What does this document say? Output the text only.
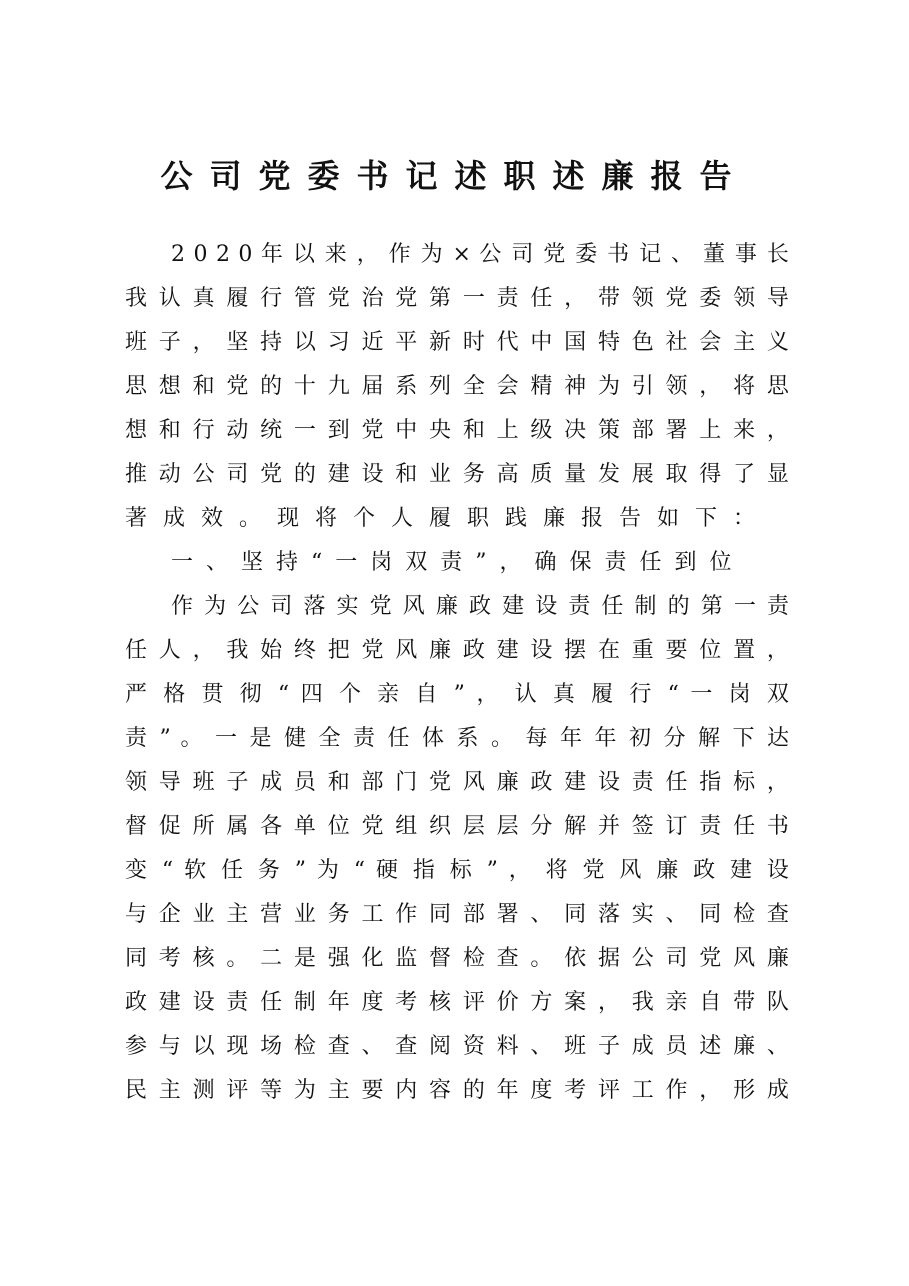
公司党委书记述职述廉报告
2 0 2 0 年 以 来 ， 作 为 × 公 司 党 委 书 记 、 董 事 长
我 认 真 履 行 管 党 治 党 第 一 责 任 ， 带 领 党 委 领 导
班 子 ， 坚 持 以 习 近 平 新 时 代 中 国 特 色 社 会 主 义
思 想 和 党 的 十 九 届 系 列 全 会 精 神 为 引 领 ， 将 思
想 和 行 动 统 一 到 党 中 央 和 上 级 决 策 部 署 上 来 ，
推 动 公 司 党 的 建 设 和 业 务 高 质 量 发 展 取 得 了 显
著成效。现将个人履职践廉报告如下：
一、坚持“一岗双责”，确保责任到位
作 为 公 司 落 实 党 风 廉 政 建 设 责 任 制 的 第 一 责
任 人 ， 我 始 终 把 党 风 廉 政 建 设 摆 在 重 要 位 置 ，
严 格 贯 彻 “ 四 个 亲 自 ” ， 认 真 履 行 “ 一 岗 双
责 ” 。 一 是 健 全 责 任 体 系 。 每 年 年 初 分 解 下 达
领 导 班 子 成 员 和 部 门 党 风 廉 政 建 设 责 任 指 标 ，
督 促 所 属 各 单 位 党 组 织 层 层 分 解 并 签 订 责 任 书
变 “ 软 任 务 ” 为 “ 硬 指 标 ” ， 将 党 风 廉 政 建 设
与 企 业 主 营 业 务 工 作 同 部 署 、 同 落 实 、 同 检 查
同 考 核 。 二 是 强 化 监 督 检 查 。 依 据 公 司 党 风 廉
政 建 设 责 任 制 年 度 考 核 评 价 方 案 ， 我 亲 自 带 队
参 与 以 现 场 检 查 、 查 阅 资 料 、 班 子 成 员 述 廉 、
民 主 测 评 等 为 主 要 内 容 的 年 度 考 评 工 作 ， 形 成
